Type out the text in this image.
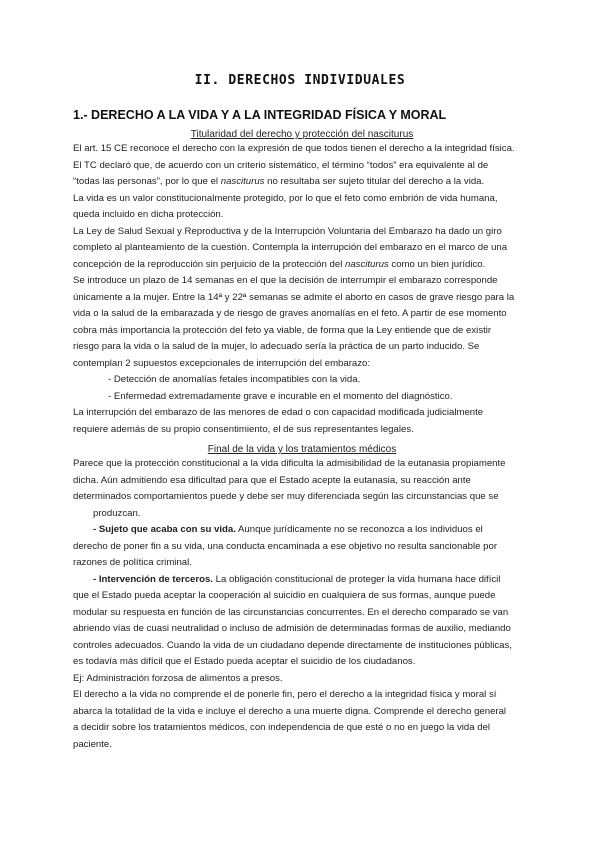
II. DERECHOS INDIVIDUALES
1.- DERECHO A LA VIDA Y A LA INTEGRIDAD FÍSICA Y MORAL
Titularidad del derecho y protección del nasciturus

El art. 15 CE reconoce el derecho con la expresión de que todos tienen el derecho a la integridad física.

El TC declaró que, de acuerdo con un criterio sistemático, el término “todos” era equivalente al de

“todas las personas”, por lo que el nasciturus no resultaba ser sujeto titular del derecho a la vida.

La vida es un valor constitucionalmente protegido, por lo que el feto como embrión de vida humana,

queda incluido en dicha protección.

La Ley de Salud Sexual y Reproductiva y de la Interrupción Voluntaria del Embarazo ha dado un giro

completo al planteamiento de la cuestión. Contempla la interrupción del embarazo en el marco de una

concepción de la reproducción sin perjuicio de la protección del nasciturus como un bien jurídico.

Se introduce un plazo de 14 semanas en el que la decisión de interrumpir el embarazo corresponde

únicamente a la mujer. Entre la 14ª y 22ª semanas se admite el aborto en casos de grave riesgo para la

vida o la salud de la embarazada y de riesgo de graves anomalías en el feto. A partir de ese momento

cobra más importancia la protección del feto ya viable, de forma que la Ley entiende que de existir

riesgo para la vida o la salud de la mujer, lo adecuado sería la práctica de un parto inducido. Se

contemplan 2 supuestos excepcionales de interrupción del embarazo:

- Detección de anomalías fetales incompatibles con la vida.

- Enfermedad extremadamente grave e incurable en el momento del diagnóstico.

La interrupción del embarazo de las menores de edad o con capacidad modificada judicialmente

requiere además de su propio consentimiento, el de sus representantes legales.

Final de la vida y los tratamientos médicos

Parece que la protección constitucional a la vida dificulta la admisibilidad de la eutanasia propiamente

dicha. Aún admitiendo esa dificultad para que el Estado acepte la eutanasia, su reacción ante

determinados comportamientos puede y debe ser muy diferenciada según las circunstancias que se

produzcan.

- Sujeto que acaba con su vida. Aunque jurídicamente no se reconozca a los individuos el

derecho de poner fin a su vida, una conducta encaminada a ese objetivo no resulta sancionable por

razones de política criminal.

- Intervención de terceros. La obligación constitucional de proteger la vida humana hace difícil

que el Estado pueda aceptar la cooperación al suicidio en cualquiera de sus formas, aunque puede

modular su respuesta en función de las circunstancias concurrentes. En el derecho comparado se van

abriendo vías de cuasi neutralidad o incluso de admisión de determinadas formas de auxilio, mediando

controles adecuados. Cuando la vida de un ciudadano depende directamente de instituciones públicas,

es todavía más difícil que el Estado pueda aceptar el suicidio de los ciudadanos.

Ej: Administración forzosa de alimentos a presos.

El derecho a la vida no comprende el de ponerle fin, pero el derecho a la integridad física y moral sí

abarca la totalidad de la vida e incluye el derecho a una muerte digna. Comprende el derecho general

a decidir sobre los tratamientos médicos, con independencia de que esté o no en juego la vida del

paciente.
